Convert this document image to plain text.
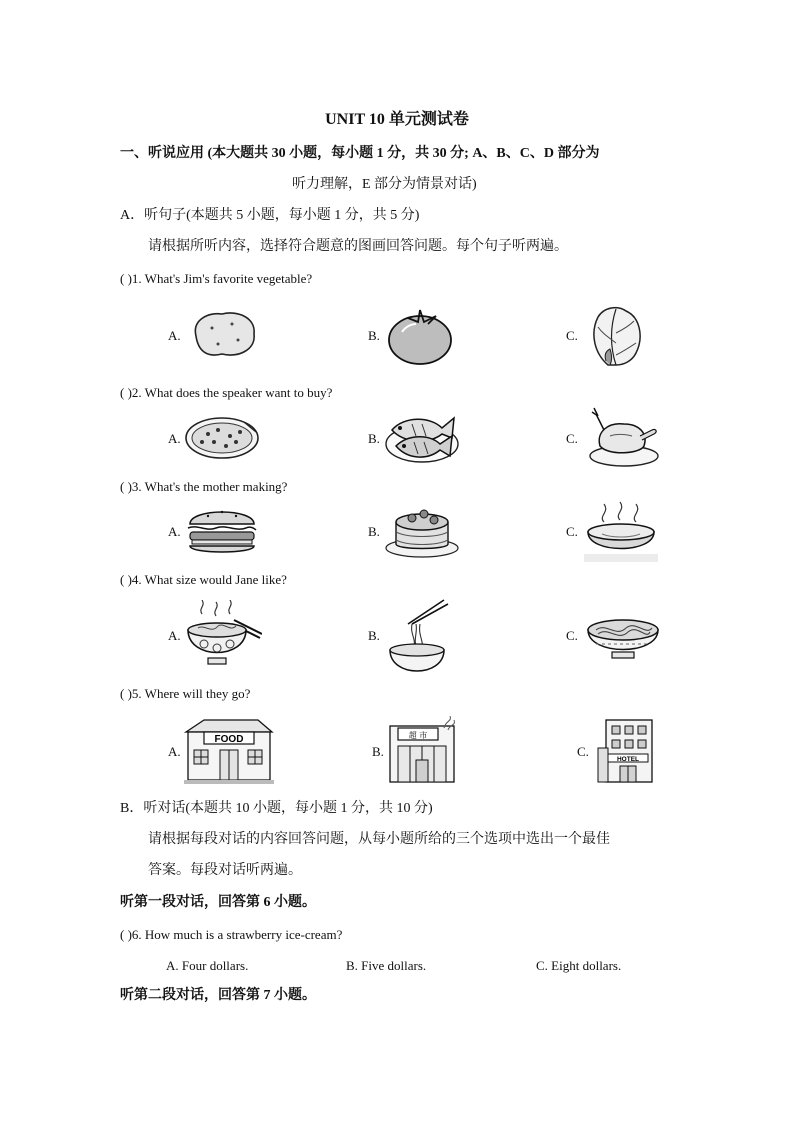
UNIT 10 单元测试卷
一、听说应用 (本大题共 30 小题，每小题 1 分，共 30 分; A、B、C、D 部分为
听力理解，E 部分为情景对话)
A．听句子(本题共 5 小题，每小题 1 分，共 5 分)
请根据所听内容，选择符合题意的图画回答问题。每个句子听两遍。
( )1. What's Jim's favorite vegetable?
A.	B.	C.
( )2. What does the speaker want to buy?
A.	B.	C.
( )3. What's the mother making?
A.	B.	C.
( )4. What size would Jane like?
A.	B.	C.
( )5. Where will they go?
A.
FOOD
B.
超 市
C.
HOTEL
B．听对话(本题共 10 小题，每小题 1 分，共 10 分)
请根据每段对话的内容回答问题，从每小题所给的三个选项中选出一个最佳
答案。每段对话听两遍。
听第一段对话，回答第 6 小题。
( )6. How much is a strawberry ice-cream?
A. Four dollars.	B. Five dollars.	C. Eight dollars.
听第二段对话，回答第 7 小题。
